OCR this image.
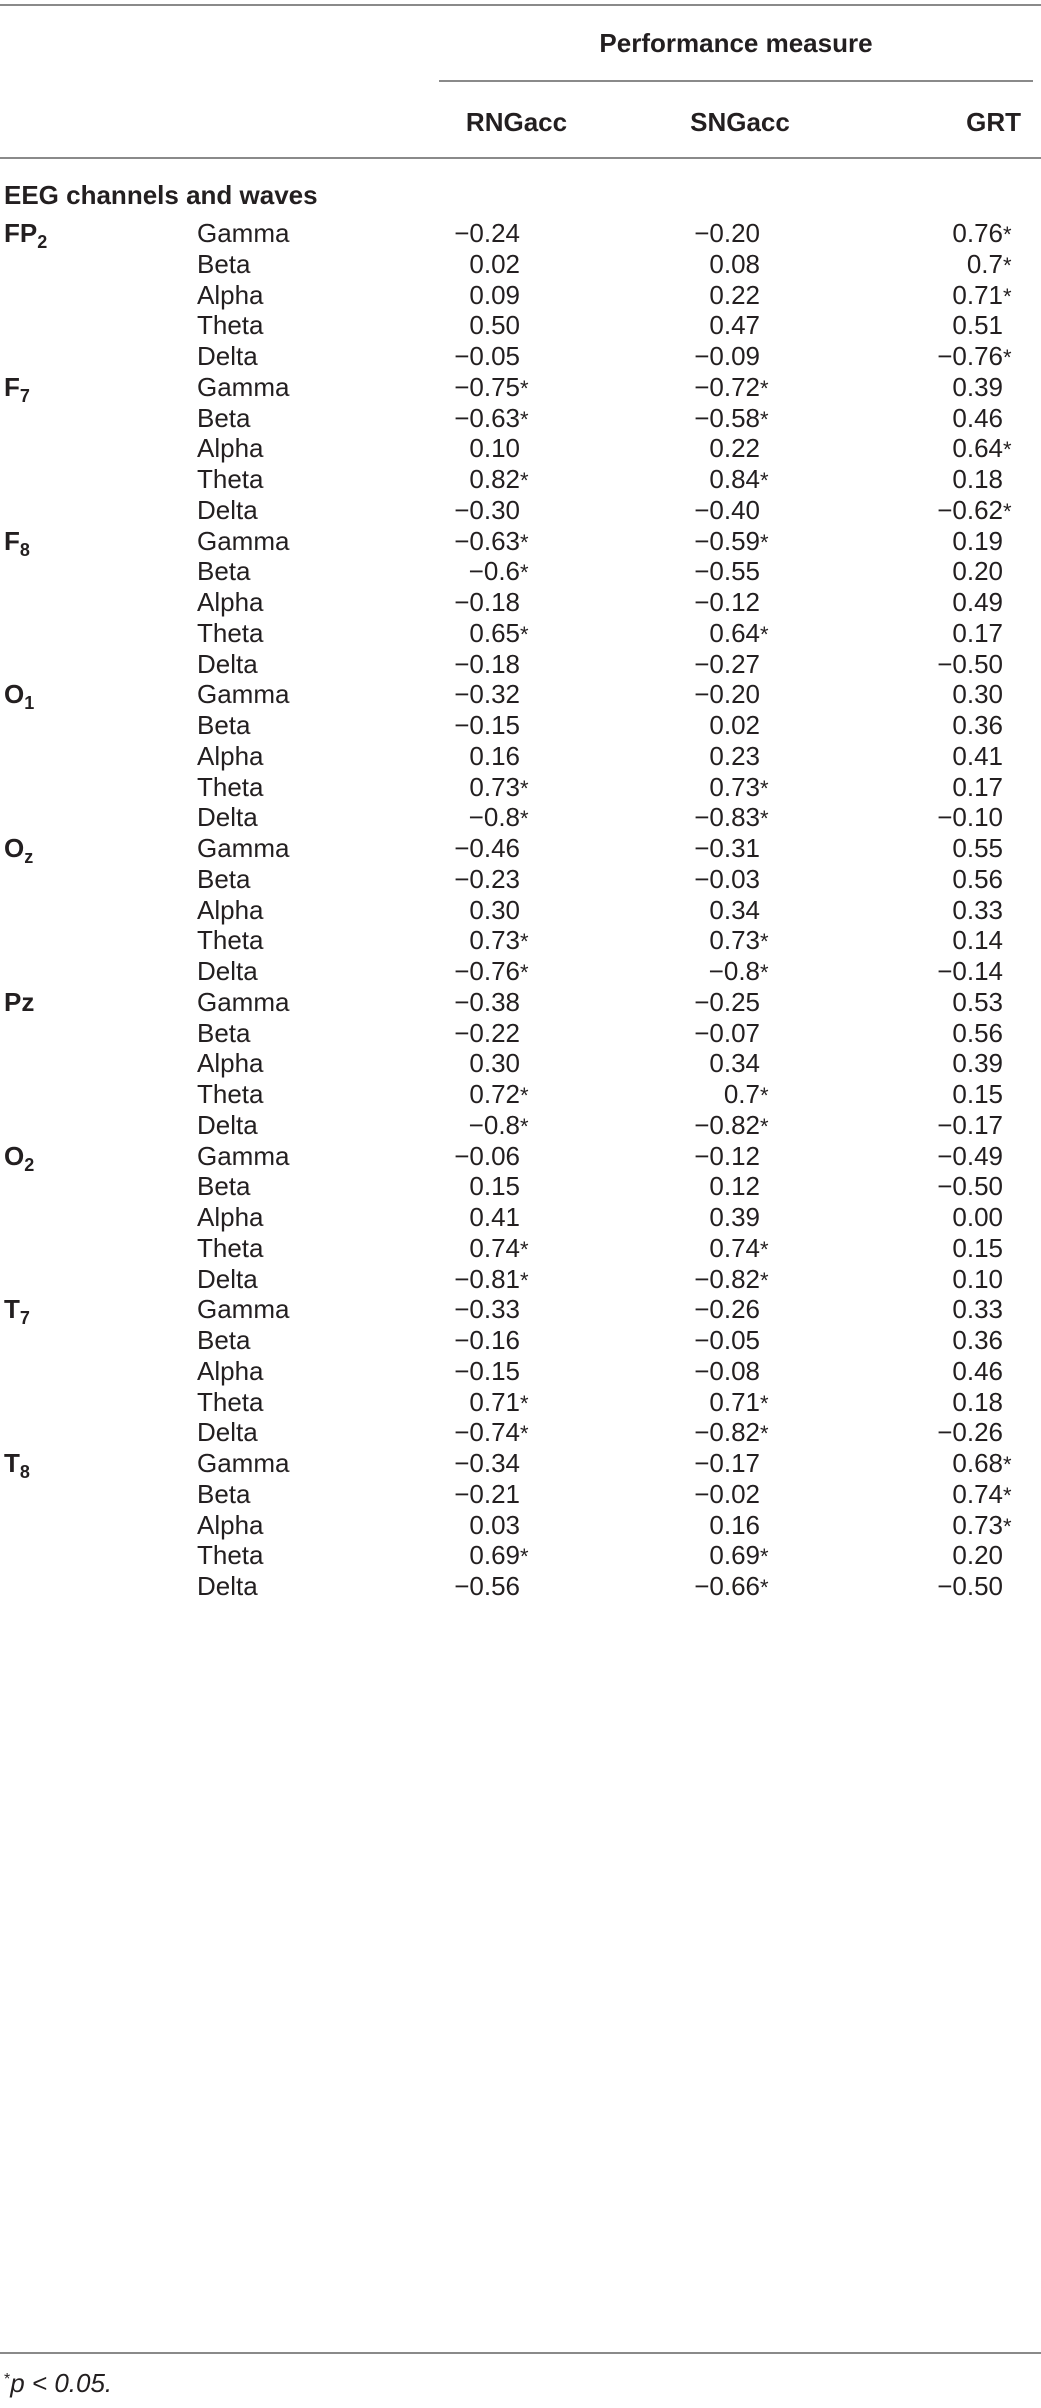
Performance measure
RNGacc	SNGacc	GRT
EEG channels and waves
$FP_2$	Gamma	−0.24	−0.20	0.76*
Beta	0.02	0.08	0.7*
Alpha	0.09	0.22	0.71*
Theta	0.50	0.47	0.51
Delta	−0.05	−0.09	−0.76*
$F_7$	Gamma	−0.75*	−0.72*	0.39
Beta	−0.63*	−0.58*	0.46
Alpha	0.10	0.22	0.64*
Theta	0.82*	0.84*	0.18
Delta	−0.30	−0.40	−0.62*
$F_8$	Gamma	−0.63*	−0.59*	0.19
Beta	−0.6*	−0.55	0.20
Alpha	−0.18	−0.12	0.49
Theta	0.65*	0.64*	0.17
Delta	−0.18	−0.27	−0.50
$O_1$	Gamma	−0.32	−0.20	0.30
Beta	−0.15	0.02	0.36
Alpha	0.16	0.23	0.41
Theta	0.73*	0.73*	0.17
Delta	−0.8*	−0.83*	−0.10
$O_z$	Gamma	−0.46	−0.31	0.55
Beta	−0.23	−0.03	0.56
Alpha	0.30	0.34	0.33
Theta	0.73*	0.73*	0.14
Delta	−0.76*	−0.8*	−0.14
Pz	Gamma	−0.38	−0.25	0.53
Beta	−0.22	−0.07	0.56
Alpha	0.30	0.34	0.39
Theta	0.72*	0.7*	0.15
Delta	−0.8*	−0.82*	−0.17
$O_2$	Gamma	−0.06	−0.12	−0.49
Beta	0.15	0.12	−0.50
Alpha	0.41	0.39	0.00
Theta	0.74*	0.74*	0.15
Delta	−0.81*	−0.82*	0.10
$T_7$	Gamma	−0.33	−0.26	0.33
Beta	−0.16	−0.05	0.36
Alpha	−0.15	−0.08	0.46
Theta	0.71*	0.71*	0.18
Delta	−0.74*	−0.82*	−0.26
$T_8$	Gamma	−0.34	−0.17	0.68*
Beta	−0.21	−0.02	0.74*
Alpha	0.03	0.16	0.73*
Theta	0.69*	0.69*	0.20
Delta	−0.56	−0.66*	−0.50
*p < 0.05.
